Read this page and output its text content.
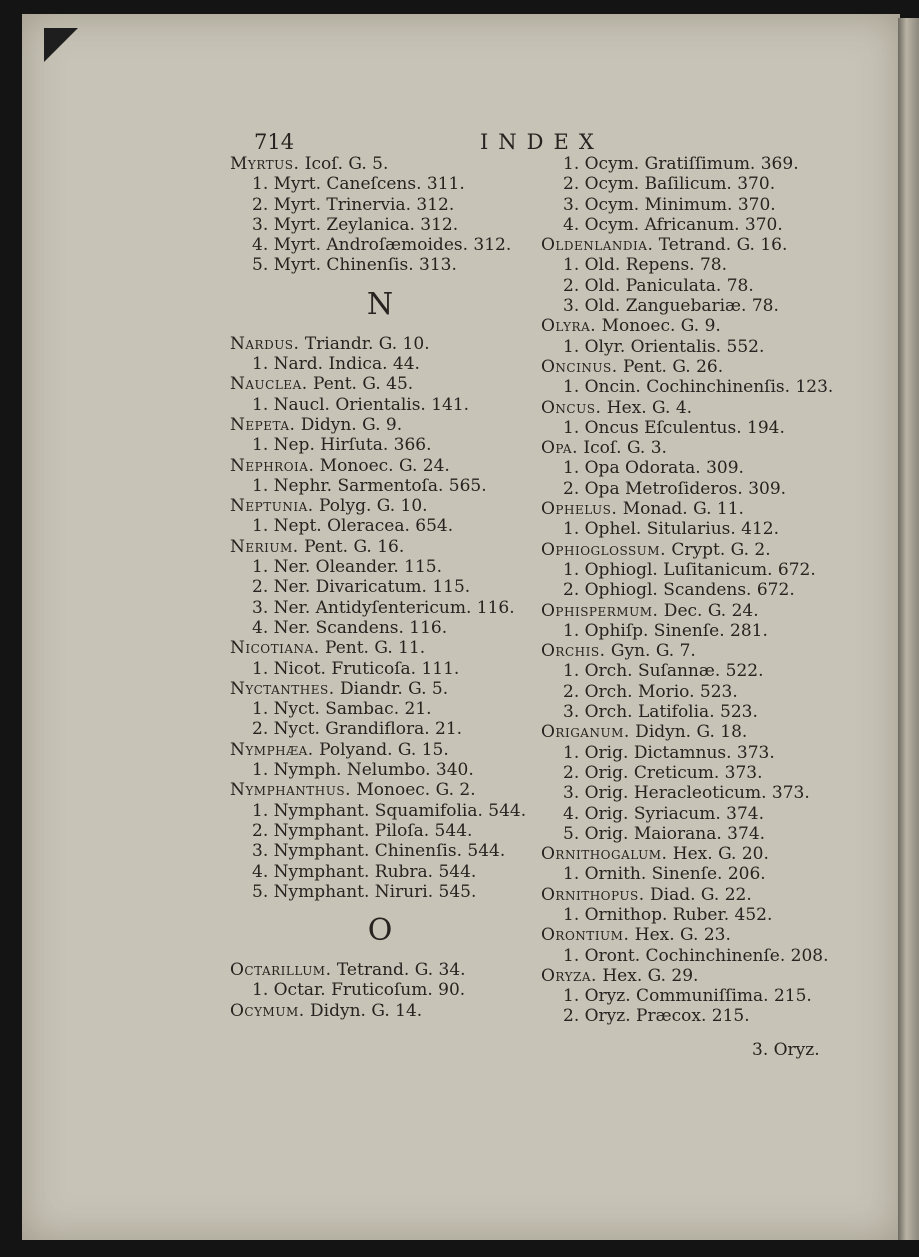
714	INDEX
Myrtus. Icoſ. G. 5.
1. Myrt. Caneſcens. 311.
2. Myrt. Trinervia. 312.
3. Myrt. Zeylanica. 312.
4. Myrt. Androſæmoides. 312.
5. Myrt. Chinenſis. 313.
N
Nardus. Triandr. G. 10.
1. Nard. Indica. 44.
Nauclea. Pent. G. 45.
1. Naucl. Orientalis. 141.
Nepeta. Didyn. G. 9.
1. Nep. Hirſuta. 366.
Nephroia. Monoec. G. 24.
1. Nephr. Sarmentoſa. 565.
Neptunia. Polyg. G. 10.
1. Nept. Oleracea. 654.
Nerium. Pent. G. 16.
1. Ner. Oleander. 115.
2. Ner. Divaricatum. 115.
3. Ner. Antidyſentericum. 116.
4. Ner. Scandens. 116.
Nicotiana. Pent. G. 11.
1. Nicot. Fruticoſa. 111.
Nyctanthes. Diandr. G. 5.
1. Nyct. Sambac. 21.
2. Nyct. Grandiflora. 21.
Nymphæa. Polyand. G. 15.
1. Nymph. Nelumbo. 340.
Nymphanthus. Monoec. G. 2.
1. Nymphant. Squamifolia. 544.
2. Nymphant. Piloſa. 544.
3. Nymphant. Chinenſis. 544.
4. Nymphant. Rubra. 544.
5. Nymphant. Niruri. 545.
O
Octarillum. Tetrand. G. 34.
1. Octar. Fruticoſum. 90.
Ocymum. Didyn. G. 14.
1. Ocym. Gratiſſimum. 369.
2. Ocym. Baſilicum. 370.
3. Ocym. Minimum. 370.
4. Ocym. Africanum. 370.
Oldenlandia. Tetrand. G. 16.
1. Old. Repens. 78.
2. Old. Paniculata. 78.
3. Old. Zanguebariæ. 78.
Olyra. Monoec. G. 9.
1. Olyr. Orientalis. 552.
Oncinus. Pent. G. 26.
1. Oncin. Cochinchinenſis. 123.
Oncus. Hex. G. 4.
1. Oncus Eſculentus. 194.
Opa. Icoſ. G. 3.
1. Opa Odorata. 309.
2. Opa Metroſideros. 309.
Ophelus. Monad. G. 11.
1. Ophel. Sitularius. 412.
Ophioglossum. Crypt. G. 2.
1. Ophiogl. Luſitanicum. 672.
2. Ophiogl. Scandens. 672.
Ophispermum. Dec. G. 24.
1. Ophiſp. Sinenſe. 281.
Orchis. Gyn. G. 7.
1. Orch. Suſannæ. 522.
2. Orch. Morio. 523.
3. Orch. Latifolia. 523.
Origanum. Didyn. G. 18.
1. Orig. Dictamnus. 373.
2. Orig. Creticum. 373.
3. Orig. Heracleoticum. 373.
4. Orig. Syriacum. 374.
5. Orig. Maiorana. 374.
Ornithogalum. Hex. G. 20.
1. Ornith. Sinenſe. 206.
Ornithopus. Diad. G. 22.
1. Ornithop. Ruber. 452.
Orontium. Hex. G. 23.
1. Oront. Cochinchinenſe. 208.
Oryza. Hex. G. 29.
1. Oryz. Communiſſima. 215.
2. Oryz. Præcox. 215.
3. Oryz.
